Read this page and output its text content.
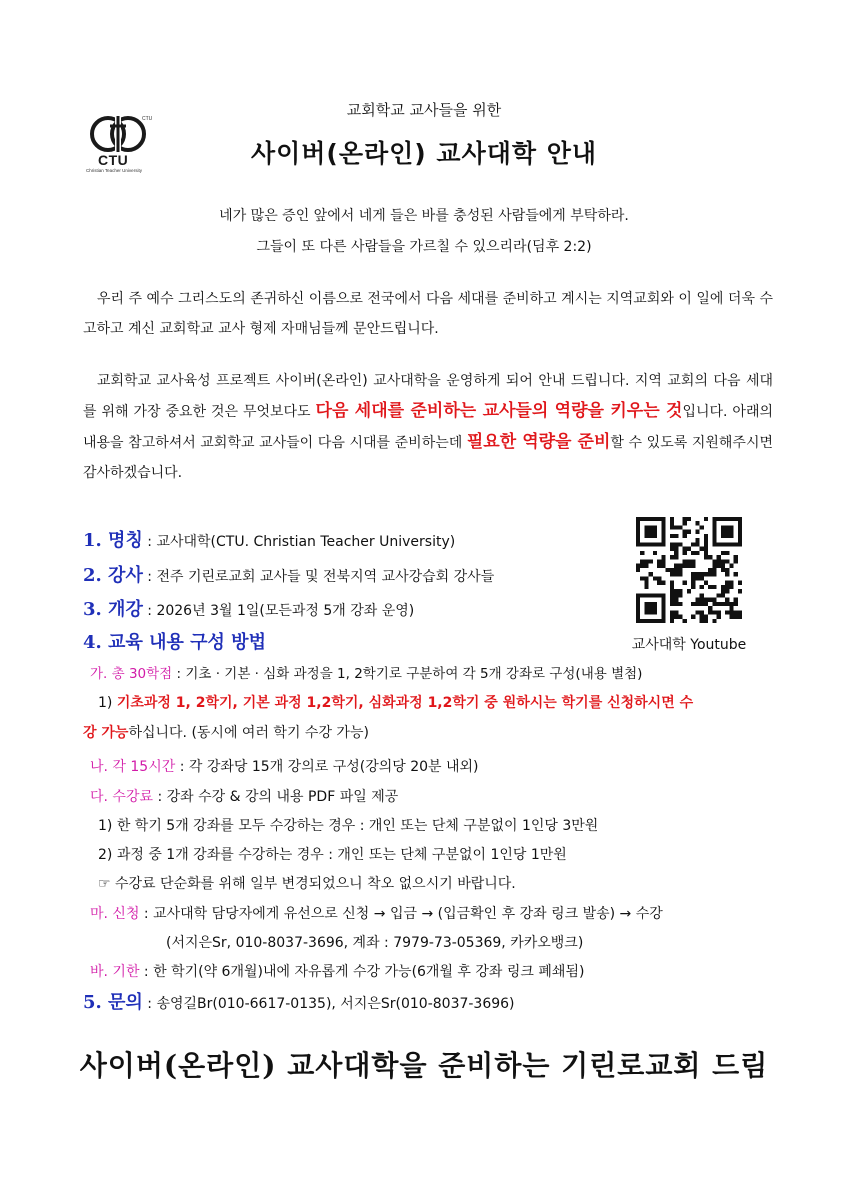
CTU
CTU
Christian Teacher University
교회학교 교사들을 위한
사이버(온라인) 교사대학 안내
네가 많은 증인 앞에서 네게 들은 바를 충성된 사람들에게 부탁하라.
그들이 또 다른 사람들을 가르칠 수 있으리라(딤후 2:2)
우리 주 예수 그리스도의 존귀하신 이름으로 전국에서 다음 세대를 준비하고 계시는 지역교회와 이 일에 더욱 수고하고 계신 교회학교 교사 형제 자매님들께 문안드립니다.
교회학교 교사육성 프로젝트 사이버(온라인) 교사대학을 운영하게 되어 안내 드립니다. 지역 교회의 다음 세대를 위해 가장 중요한 것은 무엇보다도 다음 세대를 준비하는 교사들의 역량을 키우는 것입니다. 아래의 내용을 참고하셔서 교회학교 교사들이 다음 시대를 준비하는데 필요한 역량을 준비할 수 있도록 지원해주시면 감사하겠습니다.
1. 명칭 : 교사대학(CTU. Christian Teacher University)
2. 강사 : 전주 기린로교회 교사들 및 전북지역 교사강습회 강사들
3. 개강 : 2026년 3월 1일(모든과정 5개 강좌 운영)
4. 교육 내용 구성 방법	교사대학 Youtube
가. 총 30학점 : 기초 · 기본 · 심화 과정을 1, 2학기로 구분하여 각 5개 강좌로 구성(내용 별첨)
1) 기초과정 1, 2학기, 기본 과정 1,2학기, 심화과정 1,2학기 중 원하시는 학기를 신청하시면 수
강 가능하십니다. (동시에 여러 학기 수강 가능)
나. 각 15시간 : 각 강좌당 15개 강의로 구성(강의당 20분 내외)
다. 수강료 : 강좌 수강 & 강의 내용 PDF 파일 제공
1) 한 학기 5개 강좌를 모두 수강하는 경우 : 개인 또는 단체 구분없이 1인당 3만원
2) 과정 중 1개 강좌를 수강하는 경우 : 개인 또는 단체 구분없이 1인당 1만원
☞ 수강료 단순화를 위해 일부 변경되었으니 착오 없으시기 바랍니다.
마. 신청 : 교사대학 담당자에게 유선으로 신청 → 입금 → (입금확인 후 강좌 링크 발송) → 수강
(서지은Sr, 010-8037-3696, 계좌 : 7979-73-05369, 카카오뱅크)
바. 기한 : 한 학기(약 6개월)내에 자유롭게 수강 가능(6개월 후 강좌 링크 폐쇄됨)
5. 문의 : 송영길Br(010-6617-0135), 서지은Sr(010-8037-3696)
사이버(온라인) 교사대학을 준비하는 기린로교회 드림
